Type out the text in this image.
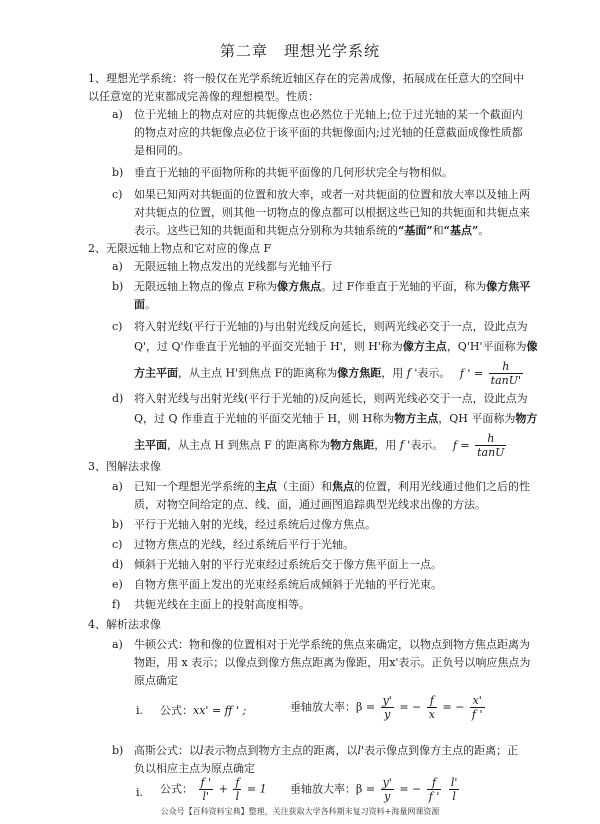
第二章　理想光学系统
1、理想光学系统：将一般仅在光学系统近轴区存在的完善成像，拓展成在任意大的空间中
以任意宽的光束都成完善像的理想模型。性质：
a) 位于光轴上的物点对应的共轭像点也必然位于光轴上;位于过光轴的某一个截面内
的物点对应的共轭像点必位于该平面的共轭像面内;过光轴的任意截面成像性质都
是相同的。
b) 垂直于光轴的平面物所称的共轭平面像的几何形状完全与物相似。
c) 如果已知两对共轭面的位置和放大率，或者一对共轭面的位置和放大率以及轴上两
对共轭点的位置，则其他一切物点的像点都可以根据这些已知的共轭面和共轭点来
表示。这些已知的共轭面和共轭点分别称为共轴系统的“基面”和“基点”。
2、无限远轴上物点和它对应的像点 F
a) 无限远轴上物点发出的光线都与光轴平行
b) 无限远轴上物点的像点 F称为像方焦点。过 F作垂直于光轴的平面，称为像方焦平
面。
c) 将入射光线(平行于光轴的)与出射光线反向延长，则两光线必交于一点，设此点为
Q'，过 Q'作垂直于光轴的平面交光轴于 H'，则 H'称为像方主点，Q'H'平面称为像
方主平面，从主点 H'到焦点 F的距离称为像方焦距，用 f '表示。 f ' = $\frac{h}{\tan U'}$
d) 将入射光线与出射光线(平行于光轴的)反向延长，则两光线必交于一点，设此点为
Q，过 Q 作垂直于光轴的平面交光轴于 H，则 H称为物方主点，QH 平面称为物方
主平面，从主点 H 到焦点 F 的距离称为物方焦距，用 f '表示。 $f = \frac{h}{\tan U}$
3、图解法求像
a) 已知一个理想光学系统的主点（主面）和焦点的位置，利用光线通过他们之后的性
质，对物空间给定的点、线、面，通过画图追踪典型光线求出像的方法。
b) 平行于光轴入射的光线，经过系统后过像方焦点。
c) 过物方焦点的光线，经过系统后平行于光轴。
d) 倾斜于光轴入射的平行光束经过系统后交于像方焦平面上一点。
e) 自物方焦平面上发出的光束经系统后成倾斜于光轴的平行光束。
f) 共轭光线在主面上的投射高度相等。
4、解析法求像
a) 牛顿公式：物和像的位置相对于光学系统的焦点来确定，以物点到物方焦点距离为
物距，用 x 表示；以像点到像方焦点距离为像距，用x'表示。正负号以响应焦点为
原点确定
i. 公式：xx' = ff ' ;	垂轴放大率：$\beta = \frac{y'}{y}$ = − $\frac{f}{x}$ = − $\frac{x'}{f '}$
b) 高斯公式：以l表示物点到物方主点的距离，以l'表示像点到像方主点的距离；正
负以相应主点为原点确定
i. 公式： $\frac{f '}{l'} + \frac{f}{l} = 1$ 垂轴放大率：$\beta = \frac{y'}{y}$ = − $\frac{f}{f '}$
$\frac{l'}{l}$
公众号【百科资料宝典】整理，关注获取大学各科期末复习资料+海量网课资源
